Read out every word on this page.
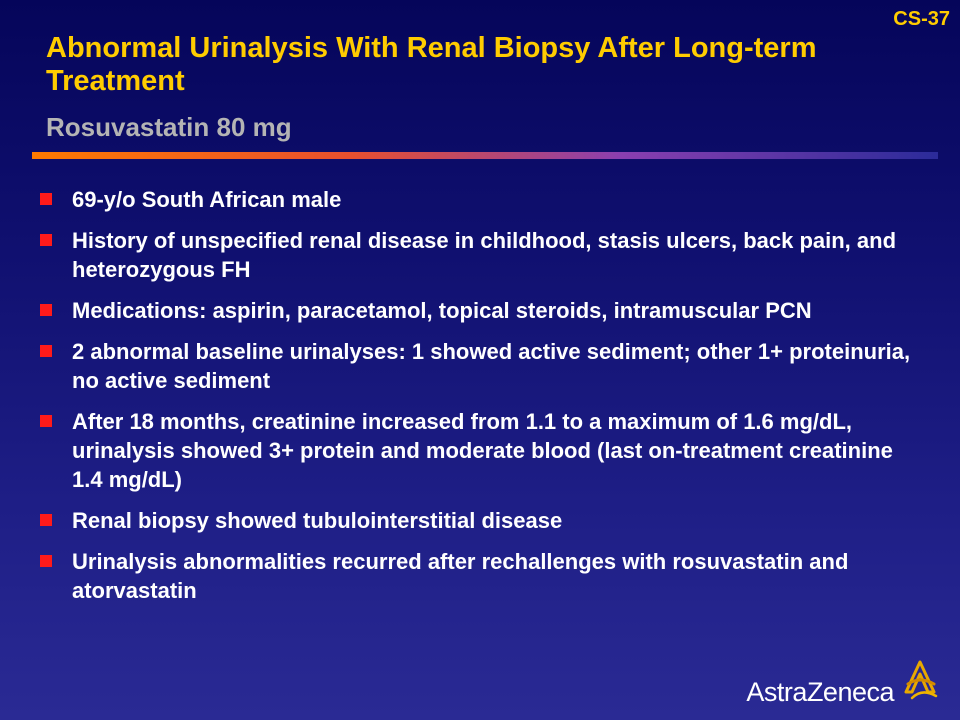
CS-37
Abnormal Urinalysis With Renal Biopsy After Long-term Treatment
Rosuvastatin 80 mg
69-y/o South African male
History of unspecified renal disease in childhood, stasis ulcers, back pain, and heterozygous FH
Medications: aspirin, paracetamol, topical steroids, intramuscular PCN
2 abnormal baseline urinalyses: 1 showed active sediment; other 1+ proteinuria, no active sediment
After 18 months, creatinine increased from 1.1 to a maximum of 1.6 mg/dL, urinalysis showed 3+ protein and moderate blood (last on-treatment creatinine 1.4 mg/dL)
Renal biopsy showed tubulointerstitial disease
Urinalysis abnormalities recurred after rechallenges with rosuvastatin and atorvastatin
AstraZeneca
